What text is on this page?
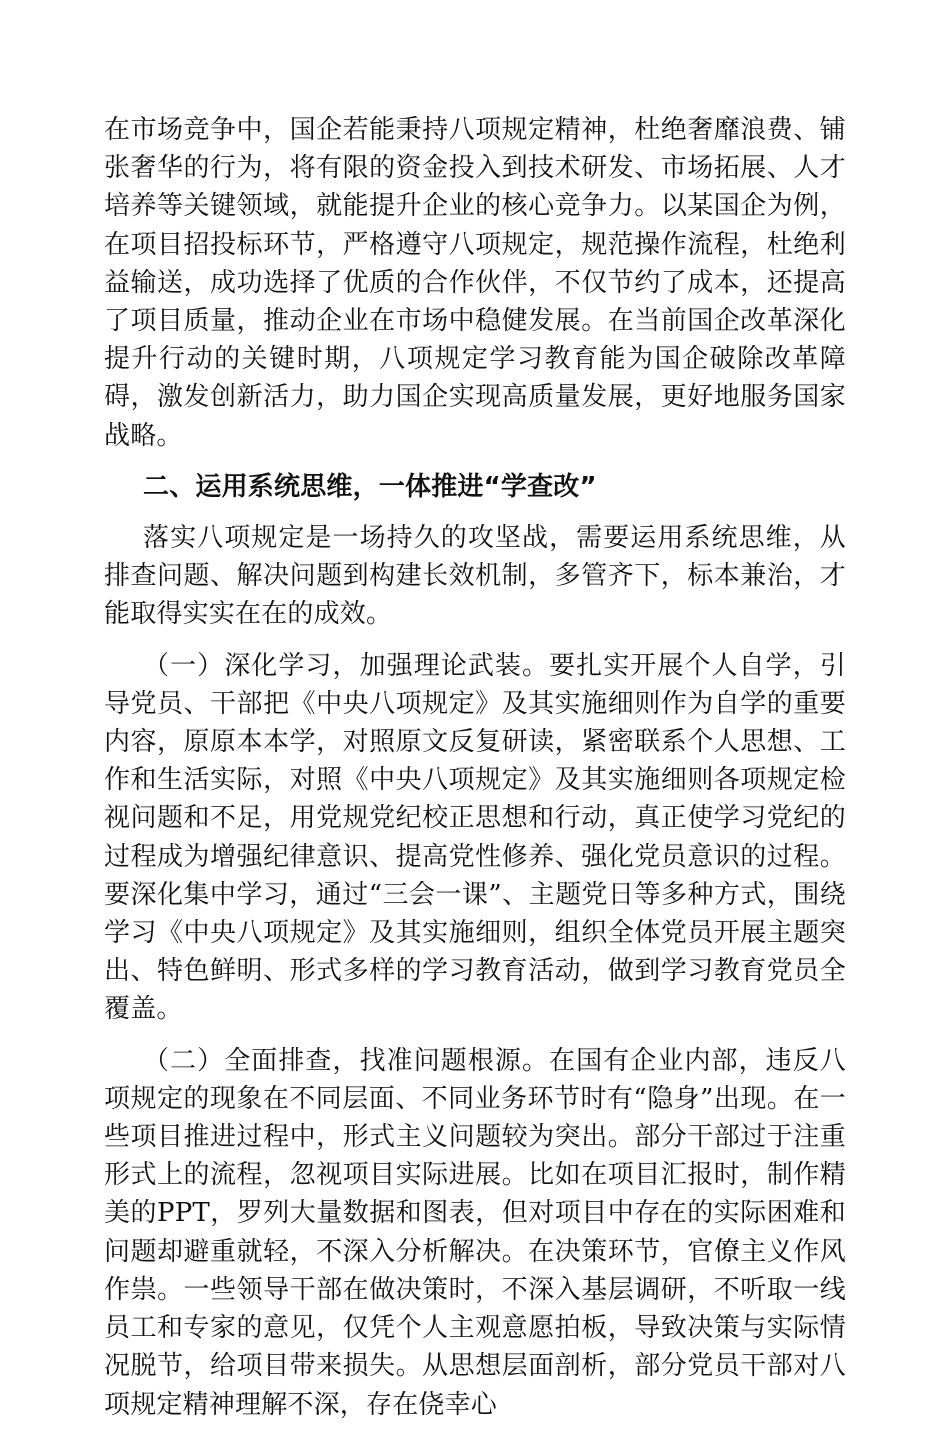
在市场竞争中，国企若能秉持八项规定精神，杜绝奢靡浪费、铺张奢华的行为，将有限的资金投入到技术研发、市场拓展、人才培养等关键领域，就能提升企业的核心竞争力。以某国企为例，在项目招投标环节，严格遵守八项规定，规范操作流程，杜绝利益输送，成功选择了优质的合作伙伴，不仅节约了成本，还提高了项目质量，推动企业在市场中稳健发展。在当前国企改革深化提升行动的关键时期，八项规定学习教育能为国企破除改革障碍，激发创新活力，助力国企实现高质量发展，更好地服务国家战略。

二、运用系统思维，一体推进“学查改”

落实八项规定是一场持久的攻坚战，需要运用系统思维，从排查问题、解决问题到构建长效机制，多管齐下，标本兼治，才能取得实实在在的成效。

（一）深化学习，加强理论武装。要扎实开展个人自学，引导党员、干部把《中央八项规定》及其实施细则作为自学的重要内容，原原本本学，对照原文反复研读，紧密联系个人思想、工作和生活实际，对照《中央八项规定》及其实施细则各项规定检视问题和不足，用党规党纪校正思想和行动，真正使学习党纪的过程成为增强纪律意识、提高党性修养、强化党员意识的过程。要深化集中学习，通过“三会一课”、主题党日等多种方式，围绕学习《中央八项规定》及其实施细则，组织全体党员开展主题突出、特色鲜明、形式多样的学习教育活动，做到学习教育党员全覆盖。

（二）全面排查，找准问题根源。在国有企业内部，违反八项规定的现象在不同层面、不同业务环节时有“隐身”出现。在一些项目推进过程中，形式主义问题较为突出。部分干部过于注重形式上的流程，忽视项目实际进展。比如在项目汇报时，制作精美的PPT，罗列大量数据和图表，但对项目中存在的实际困难和问题却避重就轻，不深入分析解决。在决策环节，官僚主义作风作祟。一些领导干部在做决策时，不深入基层调研，不听取一线员工和专家的意见，仅凭个人主观意愿拍板，导致决策与实际情况脱节，给项目带来损失。从思想层面剖析，部分党员干部对八项规定精神理解不深，存在侥幸心
